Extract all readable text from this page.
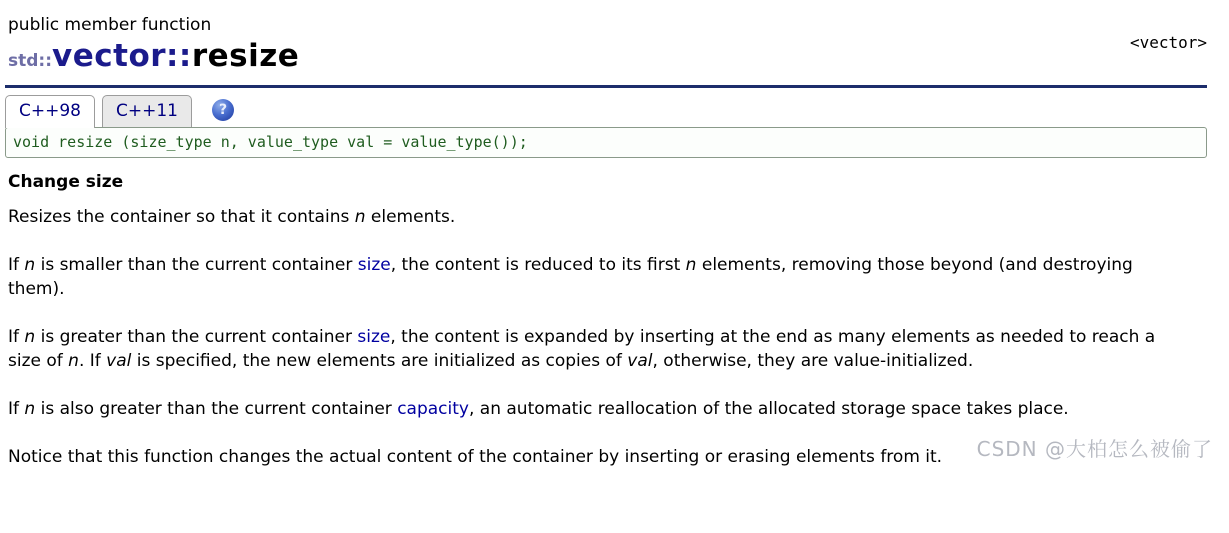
public member function
std::vector::resize	<vector>
C++98	C++11	?
void resize (size_type n, value_type val = value_type());
Change size

Resizes the container so that it contains n elements.

If n is smaller than the current container size, the content is reduced to its first n elements, removing those beyond (and destroying them).

If n is greater than the current container size, the content is expanded by inserting at the end as many elements as needed to reach a size of n. If val is specified, the new elements are initialized as copies of val, otherwise, they are value-initialized.

If n is also greater than the current container capacity, an automatic reallocation of the allocated storage space takes place.

Notice that this function changes the actual content of the container by inserting or erasing elements from it.	CSDN @大柏怎么被偷了
